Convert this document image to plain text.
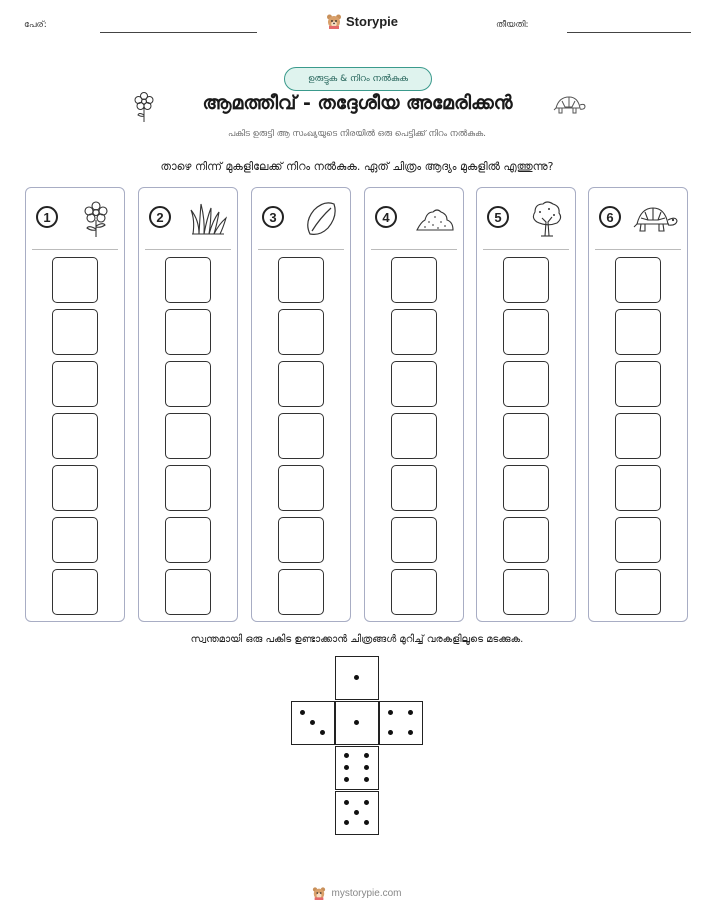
പേര്:	Storypie	തീയതി:
ഉരുട്ടുക & നിറം നൽകുക
ആമത്തീവ് - തദ്ദേശീയ അമേരിക്കൻ
പകിട ഉരുട്ടി ആ സംഖ്യയുടെ നിരയിൽ ഒരു പെട്ടിക്ക് നിറം നൽകുക.
താഴെ നിന്ന് മുകളിലേക്ക് നിറം നൽകുക. ഏത് ചിത്രം ആദ്യം മുകളിൽ എത്തുന്നു?
1	2	3	4	5	6
സ്വന്തമായി ഒരു പകിട ഉണ്ടാക്കാൻ ചിത്രങ്ങൾ മുറിച്ച് വരകളിലൂടെ മടക്കുക.
mystorypie.com
